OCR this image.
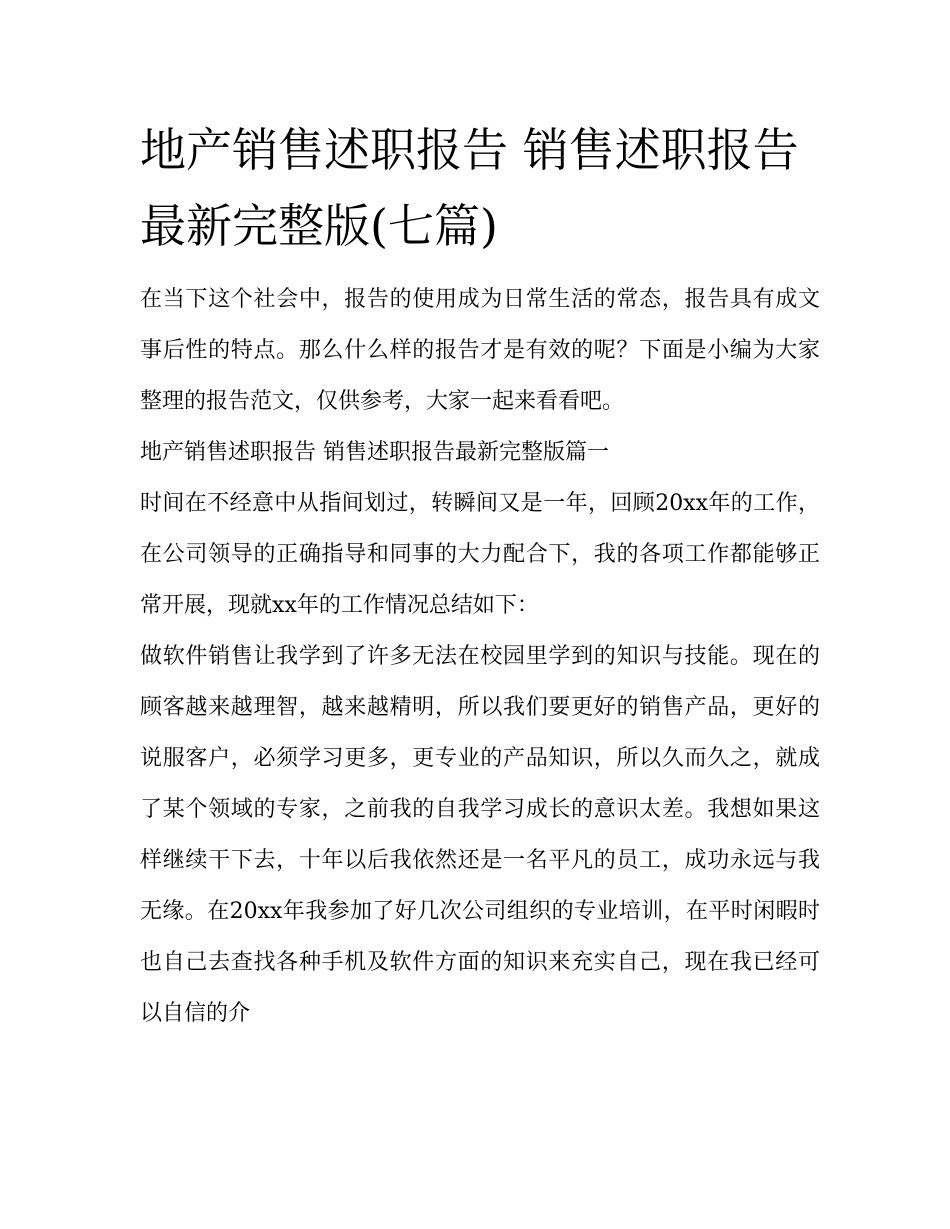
地产销售述职报告 销售述职报告最新完整版(七篇)

在当下这个社会中，报告的使用成为日常生活的常态，报告具有成文事后性的特点。那么什么样的报告才是有效的呢？下面是小编为大家整理的报告范文，仅供参考，大家一起来看看吧。

地产销售述职报告 销售述职报告最新完整版篇一

时间在不经意中从指间划过，转瞬间又是一年，回顾20xx年的工作，在公司领导的正确指导和同事的大力配合下，我的各项工作都能够正常开展，现就xx年的工作情况总结如下：

做软件销售让我学到了许多无法在校园里学到的知识与技能。现在的顾客越来越理智，越来越精明，所以我们要更好的销售产品，更好的说服客户，必须学习更多，更专业的产品知识，所以久而久之，就成了某个领域的专家，之前我的自我学习成长的意识太差。我想如果这样继续干下去，十年以后我依然还是一名平凡的员工，成功永远与我无缘。在20xx年我参加了好几次公司组织的专业培训，在平时闲暇时也自己去查找各种手机及软件方面的知识来充实自己，现在我已经可以自信的介
